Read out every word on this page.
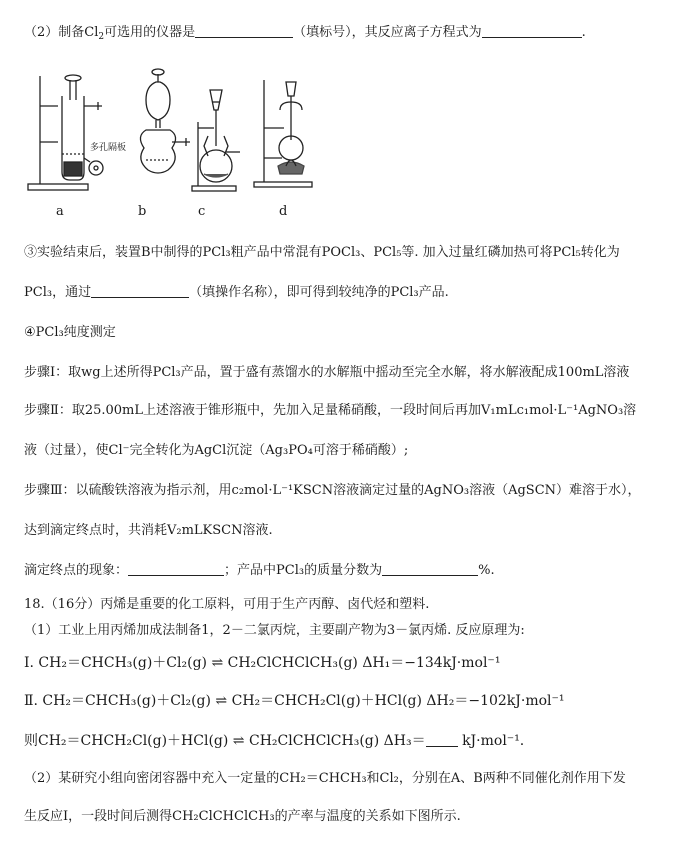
（2）制备$Cl_2$可选用的仪器是	（填标号），其反应离子方程式为	.
a	b	c	d
多孔隔板
③实验结束后，装置B中制得的PCl₃粗产品中常混有POCl₃、PCl₅等. 加入过量红磷加热可将PCl₅转化为
PCl₃，通过	（填操作名称），即可得到较纯净的PCl₃产品.
④PCl₃纯度测定
步骤Ⅰ：取wg上述所得PCl₃产品，置于盛有蒸馏水的水解瓶中摇动至完全水解，将水解液配成100mL溶液
步骤Ⅱ：取25.00mL上述溶液于锥形瓶中，先加入足量稀硝酸，一段时间后再加V₁mLc₁mol·L⁻¹AgNO₃溶
液（过量），使Cl⁻完全转化为AgCl沉淀（Ag₃PO₄可溶于稀硝酸）;
步骤Ⅲ：以硫酸铁溶液为指示剂，用c₂mol·L⁻¹KSCN溶液滴定过量的AgNO₃溶液（AgSCN）难溶于水），
达到滴定终点时，共消耗V₂mLKSCN溶液.
滴定终点的现象：	；产品中PCl₃的质量分数为	%.
18.（16分）丙烯是重要的化工原料，可用于生产丙醇、卤代烃和塑料.
（1）工业上用丙烯加成法制备1，2－二氯丙烷，主要副产物为3－氯丙烯. 反应原理为:
Ⅰ. CH₂＝CHCH₃(g)＋Cl₂(g) ⇌ CH₂ClCHClCH₃(g) ΔH₁＝−134kJ·mol⁻¹
Ⅱ. CH₂＝CHCH₃(g)＋Cl₂(g) ⇌ CH₂＝CHCH₂Cl(g)＋HCl(g) ΔH₂＝−102kJ·mol⁻¹
则CH₂＝CHCH₂Cl(g)＋HCl(g) ⇌ CH₂ClCHClCH₃(g) ΔH₃＝	kJ·mol⁻¹.
（2）某研究小组向密闭容器中充入一定量的CH₂＝CHCH₃和Cl₂，分别在A、B两种不同催化剂作用下发
生反应Ⅰ，一段时间后测得CH₂ClCHClCH₃的产率与温度的关系如下图所示.
